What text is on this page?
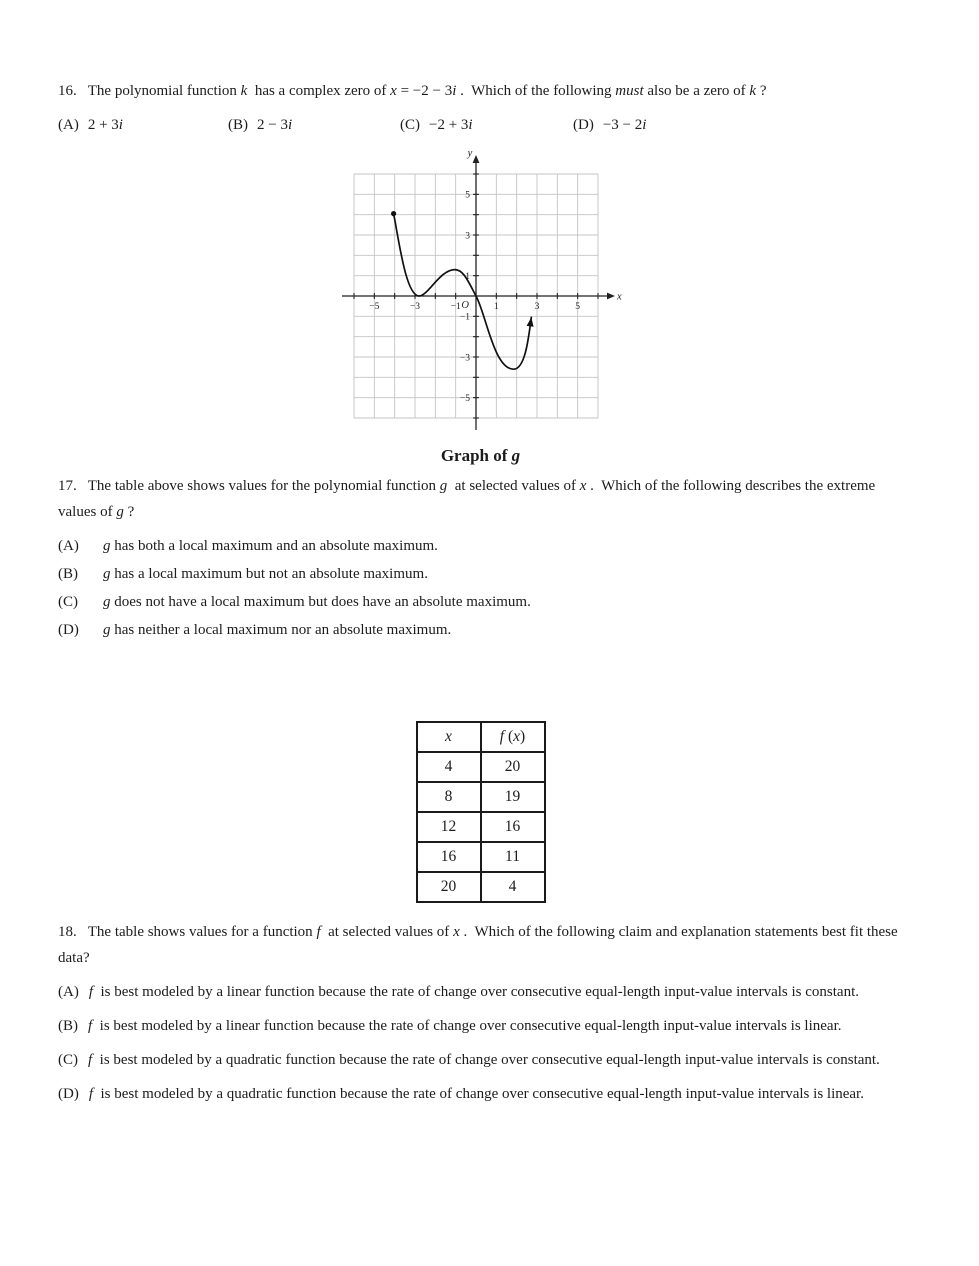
16. The polynomial function k  has a complex zero of x = −2 − 3i .  Which of the following must also be a zero of k ?
(A) 2 + 3i	(B) 2 − 3i	(C) −2 + 3i	(D) −3 − 2i
−5	−3	−1	1	3	5
5
3
1
−1
−3
−5
x
y
O
Graph of g
17. The table above shows values for the polynomial function g  at selected values of x .  Which of the following describes the extreme values of g ?
(A)	g has both a local maximum and an absolute maximum.
(B)	g has a local maximum but not an absolute maximum.
(C)	g does not have a local maximum but does have an absolute maximum.
(D)	g has neither a local maximum nor an absolute maximum.
x	f (x)
4	20
8	19
12	16
16	11
20	4
18. The table shows values for a function f  at selected values of x .  Which of the following claim and explanation statements best fit these data?

(A) f  is best modeled by a linear function because the rate of change over consecutive equal-length input-value intervals is constant.

(B) f  is best modeled by a linear function because the rate of change over consecutive equal-length input-value intervals is linear.

(C) f  is best modeled by a quadratic function because the rate of change over consecutive equal-length input-value intervals is constant.

(D) f  is best modeled by a quadratic function because the rate of change over consecutive equal-length input-value intervals is linear.
